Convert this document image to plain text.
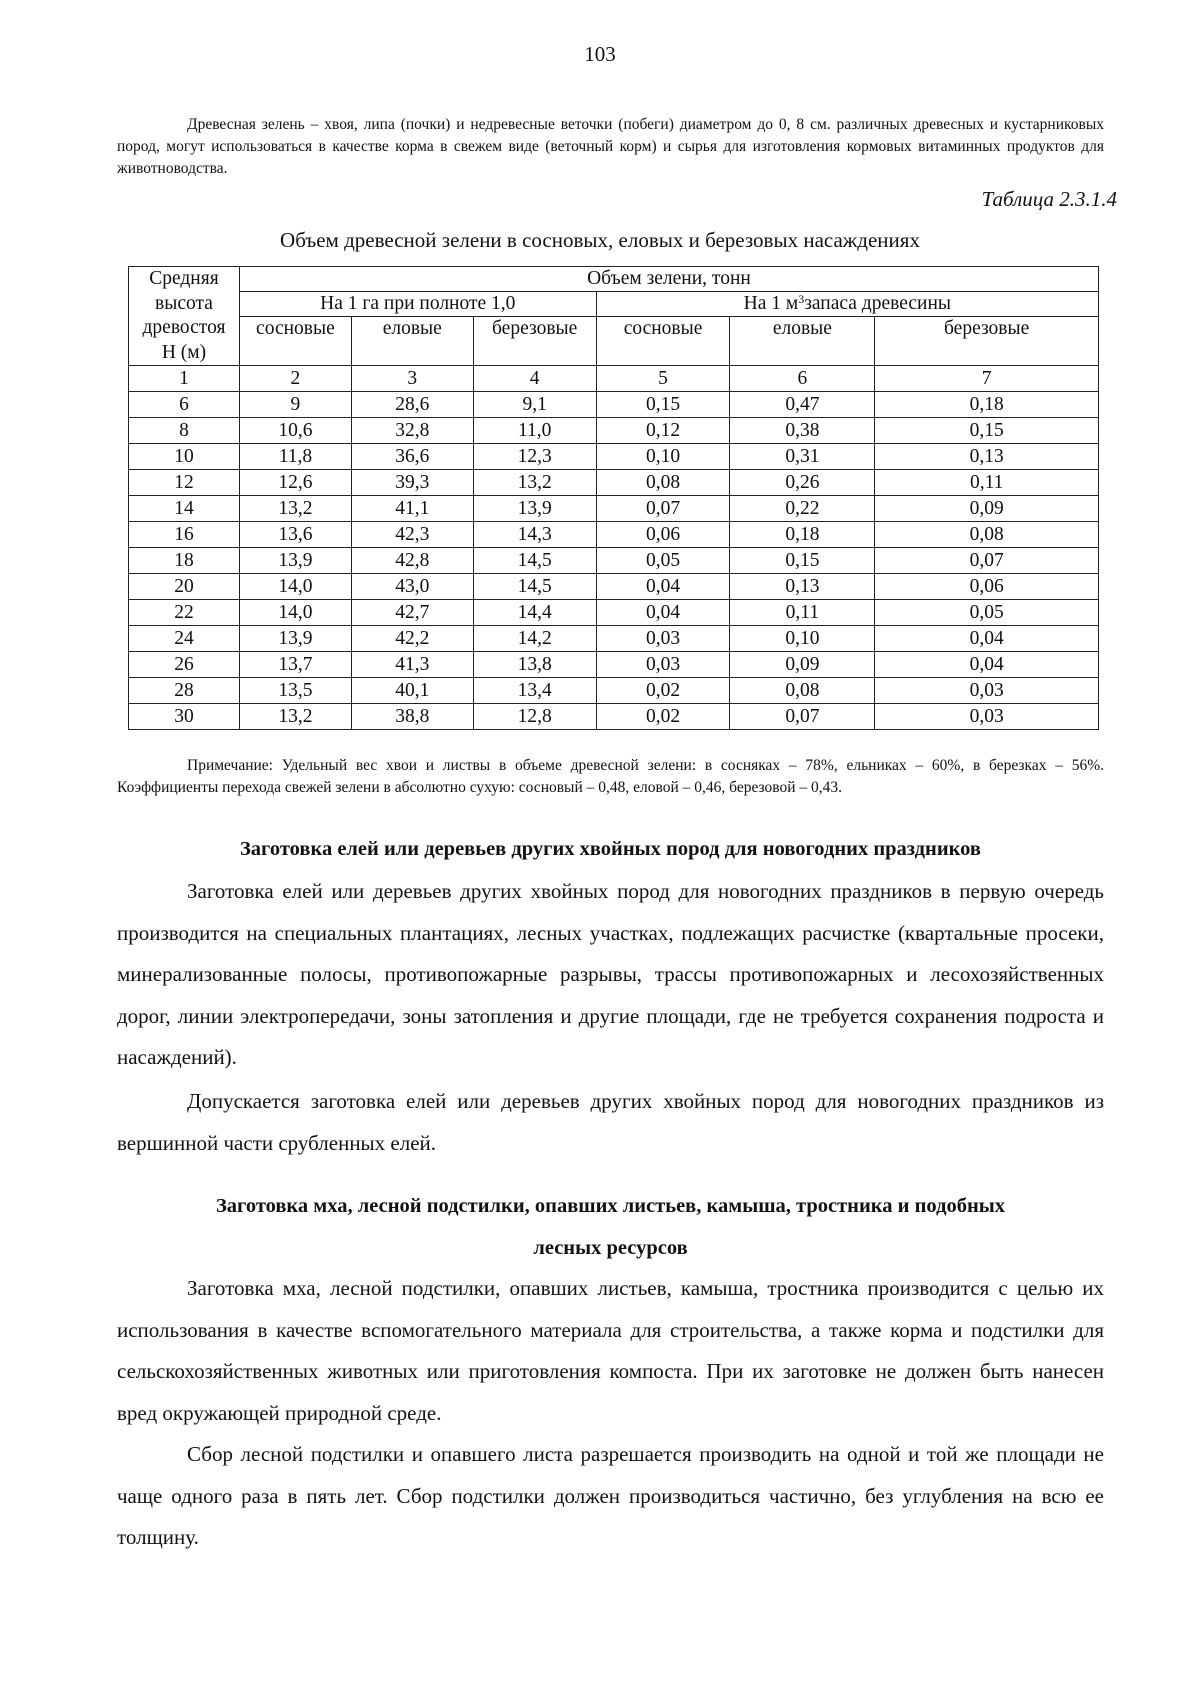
103

Древесная зелень – хвоя, липа (почки) и недревесные веточки (побеги) диаметром до 0, 8 см. различных древесных и кустарниковых пород, могут использоваться в качестве корма в свежем виде (веточный корм) и сырья для изготовления кормовых витаминных продуктов для животноводства.

Таблица 2.3.1.4
Объем древесной зелени в сосновых, еловых и березовых насаждениях
Средняя
высота
древостоя
Н (м)	Объем зелени, тонн					
	На 1 га при полноте 1,0			На 1 $м^3запаса$ древесины		
	сосновые	еловые	березовые	сосновые	еловые	березовые
1	2	3	4	5	6	7
6	9	28,6	9,1	0,15	0,47	0,18
8	10,6	32,8	11,0	0,12	0,38	0,15
10	11,8	36,6	12,3	0,10	0,31	0,13
12	12,6	39,3	13,2	0,08	0,26	0,11
14	13,2	41,1	13,9	0,07	0,22	0,09
16	13,6	42,3	14,3	0,06	0,18	0,08
18	13,9	42,8	14,5	0,05	0,15	0,07
20	14,0	43,0	14,5	0,04	0,13	0,06
22	14,0	42,7	14,4	0,04	0,11	0,05
24	13,9	42,2	14,2	0,03	0,10	0,04
26	13,7	41,3	13,8	0,03	0,09	0,04
28	13,5	40,1	13,4	0,02	0,08	0,03
30	13,2	38,8	12,8	0,02	0,07	0,03

Примечание: Удельный вес хвои и листвы в объеме древесной зелени: в сосняках – 78%, ельниках – 60%, в березках – 56%. Коэффициенты перехода свежей зелени в абсолютно сухую: сосновый – 0,48, еловой – 0,46, березовой – 0,43.

Заготовка елей или деревьев других хвойных пород для новогодних праздников

Заготовка елей или деревьев других хвойных пород для новогодних праздников в первую очередь производится на специальных плантациях, лесных участках, подлежащих расчистке (квартальные просеки, минерализованные полосы, противопожарные разрывы, трассы противопожарных и лесохозяйственных дорог, линии электропередачи, зоны затопления и другие площади, где не требуется сохранения подроста и насаждений).

Допускается заготовка елей или деревьев других хвойных пород для новогодних праздников из вершинной части срубленных елей.

Заготовка мха, лесной подстилки, опавших листьев, камыша, тростника и подобных
лесных ресурсов

Заготовка мха, лесной подстилки, опавших листьев, камыша, тростника производится с целью их использования в качестве вспомогательного материала для строительства, а также корма и подстилки для сельскохозяйственных животных или приготовления компоста. При их заготовке не должен быть нанесен вред окружающей природной среде.

Сбор лесной подстилки и опавшего листа разрешается производить на одной и той же площади не чаще одного раза в пять лет. Сбор подстилки должен производиться частично, без углубления на всю ее толщину.
